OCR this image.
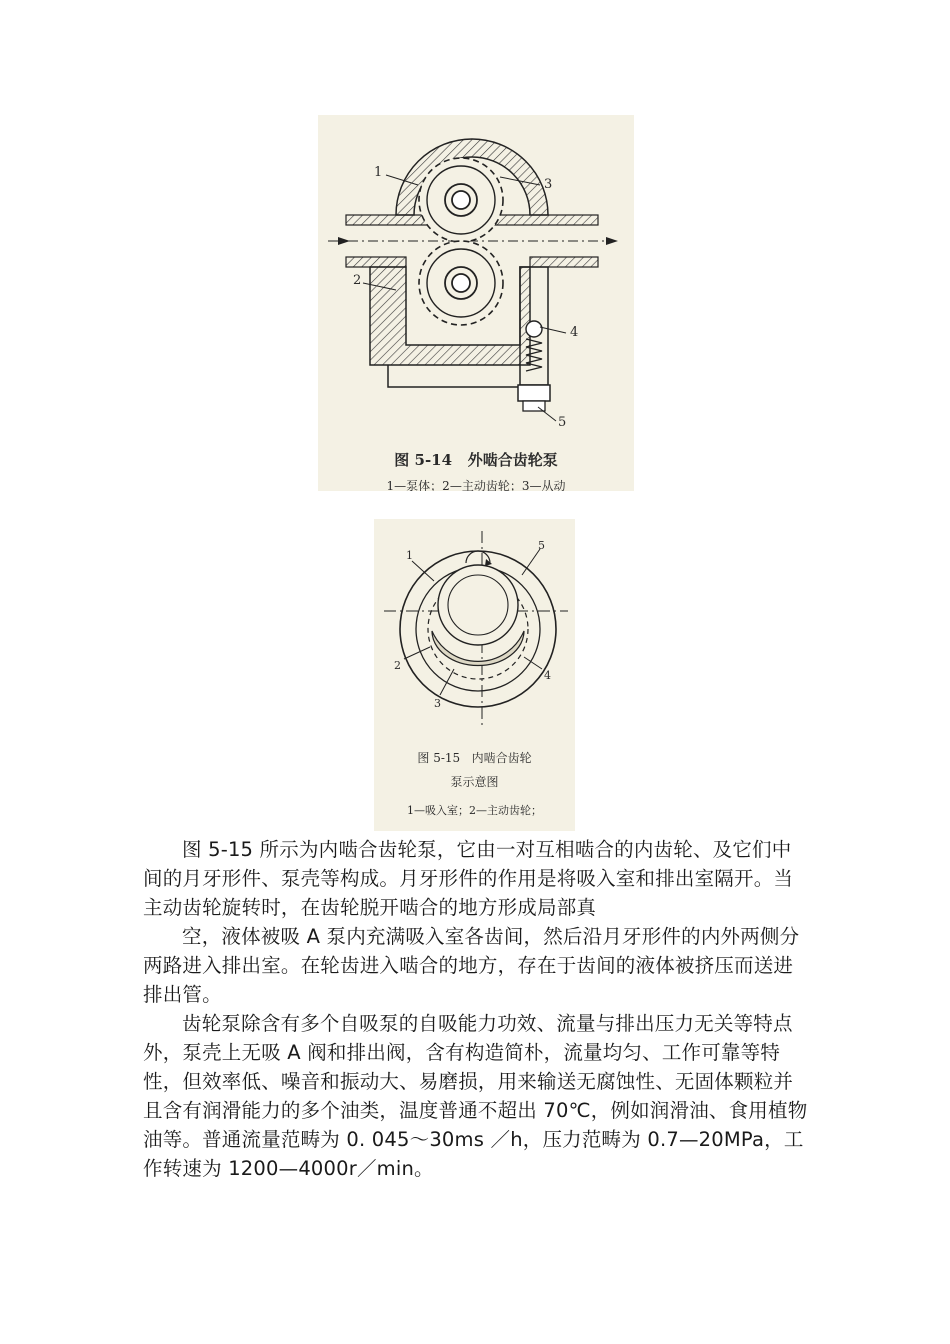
1
2
3
4
5
图 5-14   外啮合齿轮泵
1—泵体；2—主动齿轮；3—从动
1
2
3
4
5
图 5-15   内啮合齿轮
泵示意图
1—吸入室；2—主动齿轮；

图 5-15 所示为内啮合齿轮泵，它由一对互相啮合的内齿轮、及它们中间的月牙形件、泵壳等构成。月牙形件的作用是将吸入室和排出室隔开。当主动齿轮旋转时，在齿轮脱开啮合的地方形成局部真

空，液体被吸 A 泵内充满吸入室各齿间，然后沿月牙形件的内外两侧分两路进入排出室。在轮齿进入啮合的地方，存在于齿间的液体被挤压而送进排出管。

齿轮泵除含有多个自吸泵的自吸能力功效、流量与排出压力无关等特点外，泵壳上无吸 A 阀和排出阀，含有构造简朴，流量均匀、工作可靠等特性，但效率低、噪音和振动大、易磨损，用来输送无腐蚀性、无固体颗粒并且含有润滑能力的多个油类，温度普通不超出 70℃，例如润滑油、食用植物油等。普通流量范畴为 0. 045～30ms ／h，压力范畴为 0.7—20MPa，工作转速为 1200—4000r／min。
